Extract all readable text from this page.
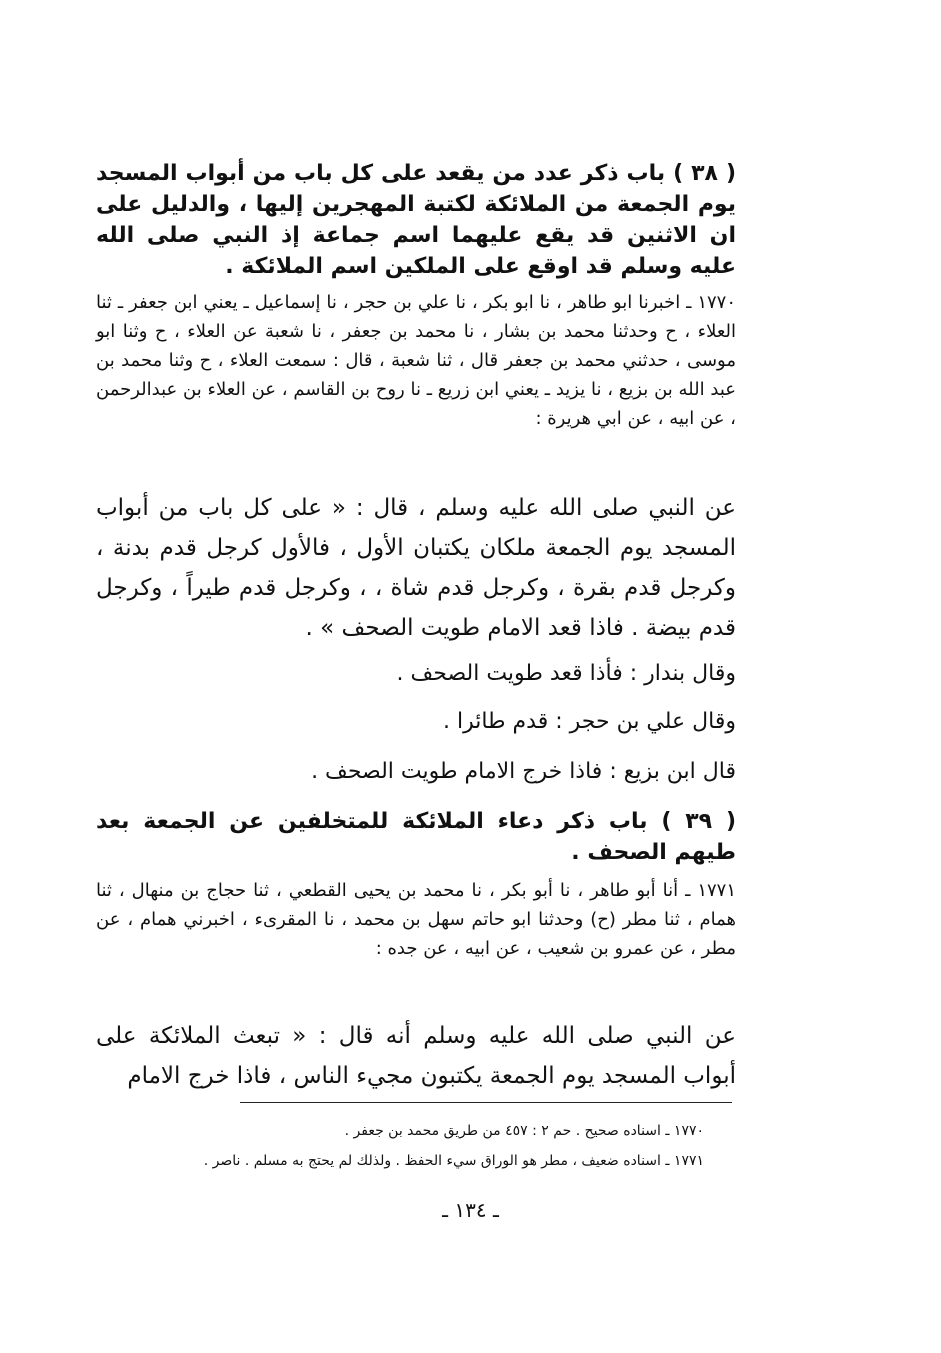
( ٣٨ ) باب ذكر عدد من يقعد على كل باب من أبواب المسجد يوم الجمعة من الملائكة لكتبة المهجرين إليها ، والدليل على ان الاثنين قد يقع عليهما اسم جماعة إذ النبي صلى الله عليه وسلم قد اوقع على الملكين اسم الملائكة .
١٧٧٠ ـ اخبرنا ابو طاهر ، نا ابو بكر ، نا علي بن حجر ، نا إسماعيل ـ يعني ابن جعفر ـ ثنا العلاء ، ح وحدثنا محمد بن بشار ، نا محمد بن جعفر ، نا شعبة عن العلاء ، ح وثنا ابو موسى ، حدثني محمد بن جعفر قال ، ثنا شعبة ، قال : سمعت العلاء ، ح وثنا محمد بن عبد الله بن بزيع ، نا يزيد ـ يعني ابن زريع ـ نا روح بن القاسم ، عن العلاء بن عبدالرحمن ، عن ابيه ، عن ابي هريرة :
عن النبي صلى الله عليه وسلم ، قال : « على كل باب من أبواب المسجد يوم الجمعة ملكان يكتبان الأول ، فالأول كرجل قدم بدنة ، وكرجل قدم بقرة ، وكرجل قدم شاة ، ، وكرجل قدم طيراً ، وكرجل قدم بيضة . فاذا قعد الامام طويت الصحف » .
وقال بندار : فأذا قعد طويت الصحف .
وقال علي بن حجر : قدم طائرا .
قال ابن بزيع : فاذا خرج الامام طويت الصحف .
( ٣٩ ) باب ذكر دعاء الملائكة للمتخلفين عن الجمعة بعد طيهم الصحف .
١٧٧١ ـ أنا أبو طاهر ، نا أبو بكر ، نا محمد بن يحيى القطعي ، ثنا حجاج بن منهال ، ثنا همام ، ثنا مطر (ح) وحدثنا ابو حاتم سهل بن محمد ، نا المقرىء ، اخبرني همام ، عن مطر ، عن عمرو بن شعيب ، عن ابيه ، عن جده :
عن النبي صلى الله عليه وسلم أنه قال : « تبعث الملائكة على أبواب المسجد يوم الجمعة يكتبون مجيء الناس ، فاذا خرج الامام
١٧٧٠ ـ اسناده صحيح . حم ٢ : ٤٥٧ من طريق محمد بن جعفر .
١٧٧١ ـ اسناده ضعيف ، مطر هو الوراق سيء الحفظ . ولذلك لم يحتج به مسلم . ناصر .
ـ ١٣٤ ـ
